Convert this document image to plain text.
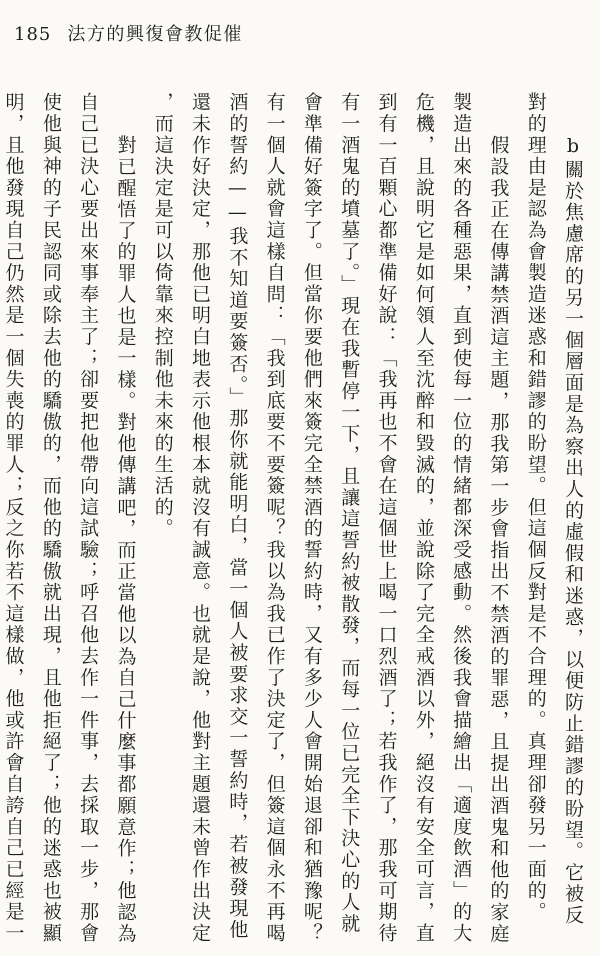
185 法方的興復會教促催

b關於焦慮席的另一個層面是為察出人的虛假和迷惑，以便防止錯謬的盼望。它被反對的理由是認為會製造迷惑和錯謬的盼望。但這個反對是不合理的。真理卻發另一面的。

假設我正在傳講禁酒這主題，那我第一步會指出不禁酒的罪惡，且提出酒鬼和他的家庭製造出來的各種惡果，直到使每一位的情緒都深受感動。然後我會描繪出「適度飲酒」的大危機，且說明它是如何領人至沈醉和毀滅的，並說除了完全戒酒以外，絕沒有安全可言，直到有一百顆心都準備好說：「我再也不會在這個世上喝一口烈酒了；若我作了，那我可期待有一酒鬼的墳墓了。」現在我暫停一下，且讓這誓約被散發，而每一位已完全下決心的人就會準備好簽字了。但當你要他們來簽完全禁酒的誓約時，又有多少人會開始退卻和猶豫呢？有一個人就會這樣自問：「我到底要不要簽呢？我以為我已作了決定了，但簽這個永不再喝酒的誓約——我不知道要簽否。」那你就能明白，當一個人被要求交一誓約時，若被發現他還未作好決定，那他已明白地表示他根本就沒有誠意。也就是說，他對主題還未曾作出決定，而這決定是可以倚靠來控制他未來的生活的。

對已醒悟了的罪人也是一樣。對他傳講吧，而正當他以為自己什麼事都願意作；他認為自己已決心要出來事奉主了；卻要把他帶向這試驗；呼召他去作一件事，去採取一步，那會使他與神的子民認同或除去他的驕傲的，而他的驕傲就出現，且他拒絕了；他的迷惑也被顯明，且他發現自己仍然是一個失喪的罪人；反之你若不這樣做，他或許會自誇自己已經是一
